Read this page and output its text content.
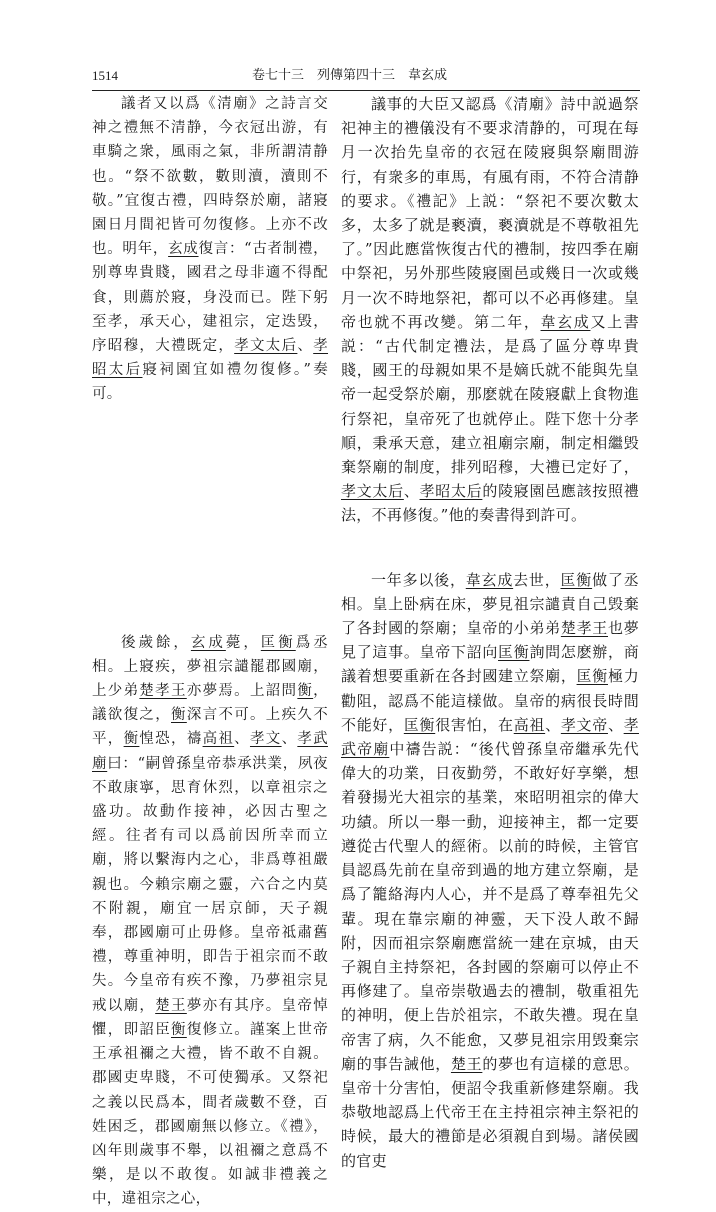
1514	卷七十三　列傳第四十三　韋玄成

議者又以爲《清廟》之詩言交神之禮無不清静，今衣冠出游，有車騎之衆，風雨之氣，非所謂清静也。“祭不欲數，數則瀆，瀆則不敬。”宜復古禮，四時祭於廟，諸寢園日月間祀皆可勿復修。上亦不改也。明年，玄成復言：“古者制禮，别尊卑貴賤，國君之母非適不得配食，則薦於寢，身没而已。陛下躬至孝，承天心，建祖宗，定迭毁，序昭穆，大禮既定，孝文太后、孝昭太后寢祠園宜如禮勿復修。”奏可。

後歲餘，玄成薨，匡衡爲丞相。上寢疾，夢祖宗譴罷郡國廟，上少弟楚孝王亦夢焉。上詔問衡，議欲復之，衡深言不可。上疾久不平，衡惶恐，禱高祖、孝文、孝武廟曰：“嗣曾孫皇帝恭承洪業，夙夜不敢康寧，思育休烈，以章祖宗之盛功。故動作接神，必因古聖之經。往者有司以爲前因所幸而立廟，將以繫海内之心，非爲尊祖嚴親也。今賴宗廟之靈，六合之内莫不附親，廟宜一居京師，天子親奉，郡國廟可止毋修。皇帝祗肅舊禮，尊重神明，即告于祖宗而不敢失。今皇帝有疾不豫，乃夢祖宗見戒以廟，楚王夢亦有其序。皇帝悼懼，即詔臣衡復修立。謹案上世帝王承祖禰之大禮，皆不敢不自親。郡國吏卑賤，不可使獨承。又祭祀之義以民爲本，間者歲數不登，百姓困乏，郡國廟無以修立。《禮》，凶年則歲事不舉，以祖禰之意爲不樂，是以不敢復。如誠非禮義之中，違祖宗之心，

議事的大臣又認爲《清廟》詩中説過祭祀神主的禮儀没有不要求清静的，可現在每月一次抬先皇帝的衣冠在陵寢與祭廟間游行，有衆多的車馬，有風有雨，不符合清静的要求。《禮記》上説：“祭祀不要次數太多，太多了就是褻瀆，褻瀆就是不尊敬祖先了。”因此應當恢復古代的禮制，按四季在廟中祭祀，另外那些陵寢園邑或幾日一次或幾月一次不時地祭祀，都可以不必再修建。皇帝也就不再改變。第二年，韋玄成又上書説：“古代制定禮法，是爲了區分尊卑貴賤，國王的母親如果不是嫡氏就不能與先皇帝一起受祭於廟，那麽就在陵寢獻上食物進行祭祀，皇帝死了也就停止。陛下您十分孝順，秉承天意，建立祖廟宗廟，制定相繼毁棄祭廟的制度，排列昭穆，大禮已定好了，孝文太后、孝昭太后的陵寢園邑應該按照禮法，不再修復。”他的奏書得到許可。

一年多以後，韋玄成去世，匡衡做了丞相。皇上卧病在床，夢見祖宗譴責自己毁棄了各封國的祭廟；皇帝的小弟弟楚孝王也夢見了這事。皇帝下詔向匡衡詢問怎麽辦，商議着想要重新在各封國建立祭廟，匡衡極力勸阻，認爲不能這樣做。皇帝的病很長時間不能好，匡衡很害怕，在高祖、孝文帝、孝武帝廟中禱告説：“後代曾孫皇帝繼承先代偉大的功業，日夜勤勞，不敢好好享樂，想着發揚光大祖宗的基業，來昭明祖宗的偉大功績。所以一舉一動，迎接神主，都一定要遵從古代聖人的經術。以前的時候，主管官員認爲先前在皇帝到過的地方建立祭廟，是爲了籠絡海内人心，并不是爲了尊奉祖先父輩。現在靠宗廟的神靈，天下没人敢不歸附，因而祖宗祭廟應當統一建在京城，由天子親自主持祭祀，各封國的祭廟可以停止不再修建了。皇帝崇敬過去的禮制，敬重祖先的神明，便上告於祖宗，不敢失禮。現在皇帝害了病，久不能愈，又夢見祖宗用毁棄宗廟的事告誡他，楚王的夢也有這樣的意思。皇帝十分害怕，便詔令我重新修建祭廟。我恭敬地認爲上代帝王在主持祖宗神主祭祀的時候，最大的禮節是必須親自到場。諸侯國的官吏
